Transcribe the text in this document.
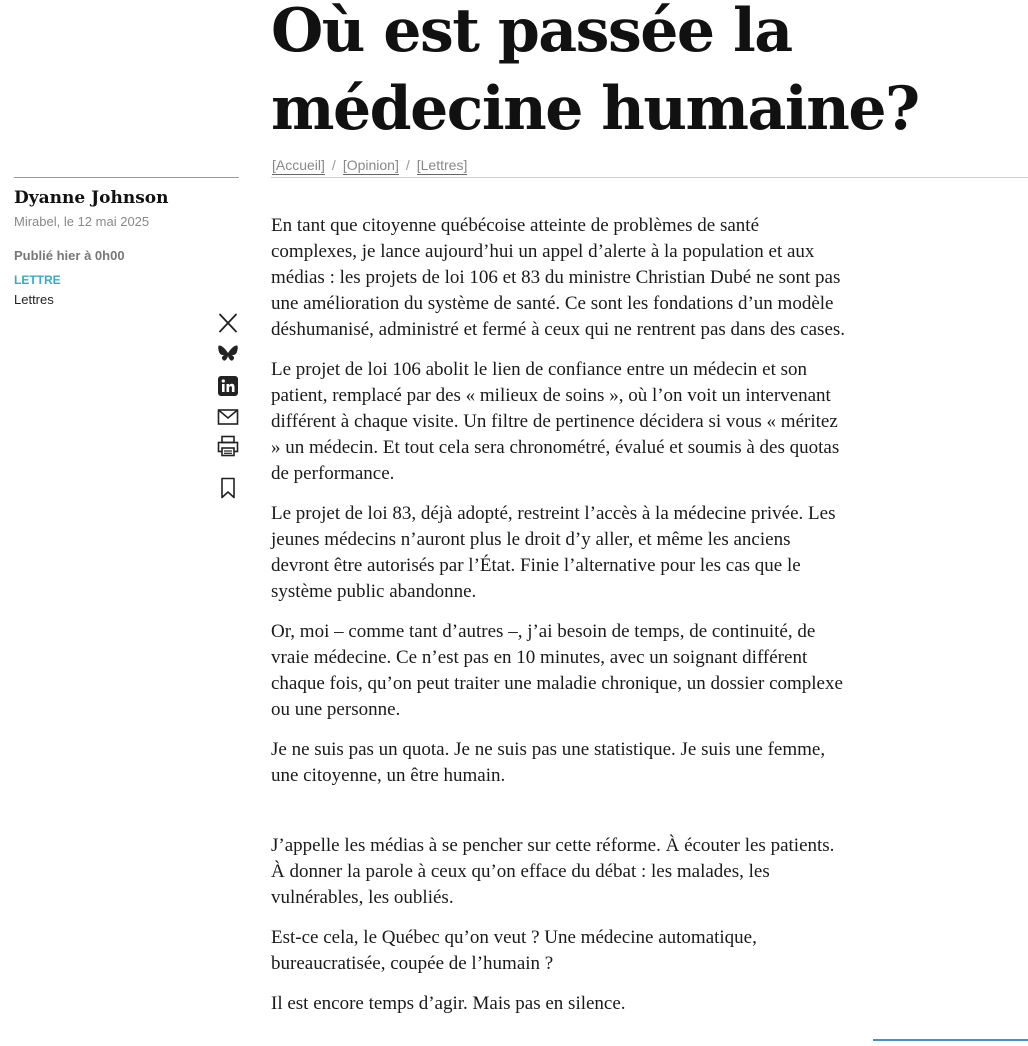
Où est passée la médecine humaine?
[Accueil] / [Opinion] / [Lettres]
Dyanne Johnson
Mirabel, le 12 mai 2025
Publié hier à 0h00
LETTRE
Lettres

En tant que citoyenne québécoise atteinte de problèmes de santé complexes, je lance aujourd’hui un appel d’alerte à la population et aux médias : les projets de loi 106 et 83 du ministre Christian Dubé ne sont pas une amélioration du système de santé. Ce sont les fondations d’un modèle déshumanisé, administré et fermé à ceux qui ne rentrent pas dans des cases.

Le projet de loi 106 abolit le lien de confiance entre un médecin et son patient, remplacé par des « milieux de soins », où l’on voit un intervenant différent à chaque visite. Un filtre de pertinence décidera si vous « méritez » un médecin. Et tout cela sera chronométré, évalué et soumis à des quotas de performance.

Le projet de loi 83, déjà adopté, restreint l’accès à la médecine privée. Les jeunes médecins n’auront plus le droit d’y aller, et même les anciens devront être autorisés par l’État. Finie l’alternative pour les cas que le système public abandonne.

Or, moi – comme tant d’autres –, j’ai besoin de temps, de continuité, de vraie médecine. Ce n’est pas en 10 minutes, avec un soignant différent chaque fois, qu’on peut traiter une maladie chronique, un dossier complexe ou une personne.

Je ne suis pas un quota. Je ne suis pas une statistique. Je suis une femme, une citoyenne, un être humain.

J’appelle les médias à se pencher sur cette réforme. À écouter les patients. À donner la parole à ceux qu’on efface du débat : les malades, les vulnérables, les oubliés.

Est-ce cela, le Québec qu’on veut ? Une médecine automatique, bureaucratisée, coupée de l’humain ?

Il est encore temps d’agir. Mais pas en silence.
